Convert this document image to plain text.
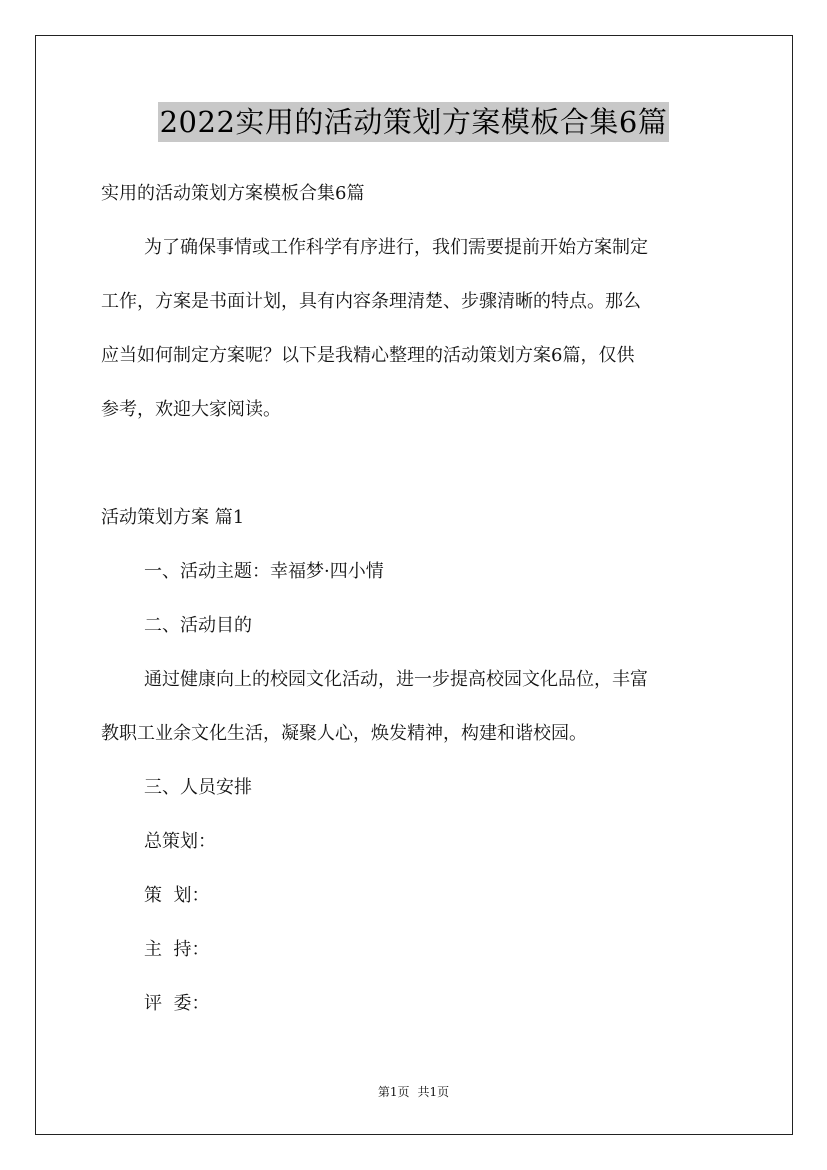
2022实用的活动策划方案模板合集6篇
实用的活动策划方案模板合集6篇
为了确保事情或工作科学有序进行，我们需要提前开始方案制定
工作，方案是书面计划，具有内容条理清楚、步骤清晰的特点。那么
应当如何制定方案呢？以下是我精心整理的活动策划方案6篇，仅供
参考，欢迎大家阅读。
活动策划方案 篇1
一、活动主题：幸福梦·四小情
二、活动目的
通过健康向上的校园文化活动，进一步提高校园文化品位，丰富
教职工业余文化生活，凝聚人心，焕发精神，构建和谐校园。
三、人员安排
总策划：
策  划：
主  持：
评  委：
第1页 共1页
